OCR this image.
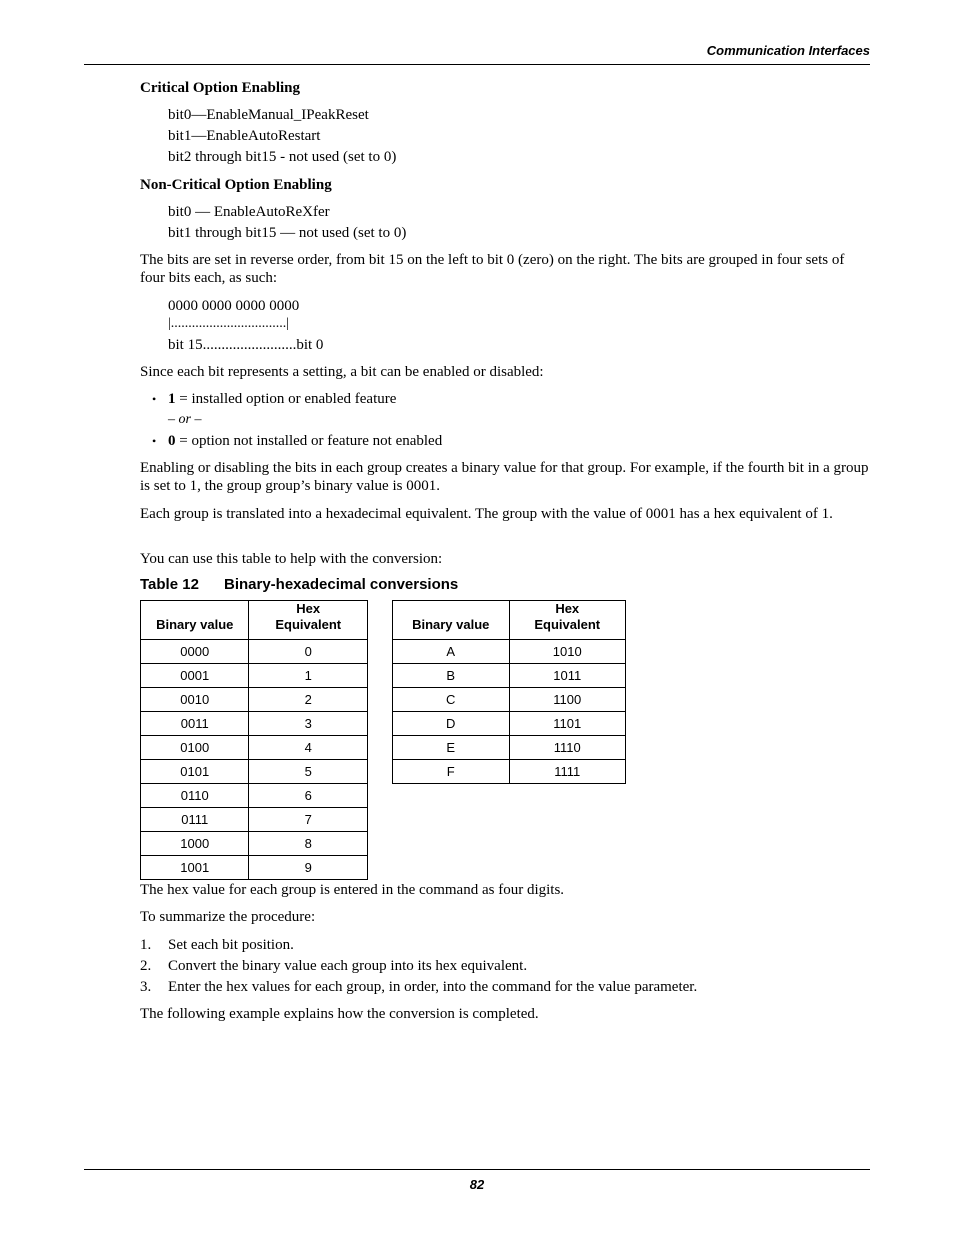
Communication Interfaces
Critical Option Enabling
bit0—EnableManual_IPeakReset
bit1—EnableAutoRestart
bit2 through bit15 - not used (set to 0)
Non-Critical Option Enabling
bit0 — EnableAutoReXfer
bit1 through bit15 — not used (set to 0)
The bits are set in reverse order, from bit 15 on the left to bit 0 (zero) on the right. The bits are grouped in four sets of four bits each, as such:
0000 0000 0000 0000
|.................................|
bit 15.........................bit 0
Since each bit represents a setting, a bit can be enabled or disabled:
• 1 = installed option or enabled feature
– or –
• 0 = option not installed or feature not enabled
Enabling or disabling the bits in each group creates a binary value for that group. For example, if the fourth bit in a group is set to 1, the group group’s binary value is 0001.
Each group is translated into a hexadecimal equivalent. The group with the value of 0001 has a hex equivalent of 1.
You can use this table to help with the conversion:
Table 12 Binary-hexadecimal conversions
Binary value	Hex Equivalent
0000	0
0001	1
0010	2
0011	3
0100	4
0101	5
0110	6
0111	7
1000	8
1001	9
Binary value	Hex Equivalent
A	1010
B	1011
C	1100
D	1101
E	1110
F	1111
The hex value for each group is entered in the command as four digits.
To summarize the procedure:
1. Set each bit position.
2. Convert the binary value each group into its hex equivalent.
3. Enter the hex values for each group, in order, into the command for the value parameter.
The following example explains how the conversion is completed.
82
